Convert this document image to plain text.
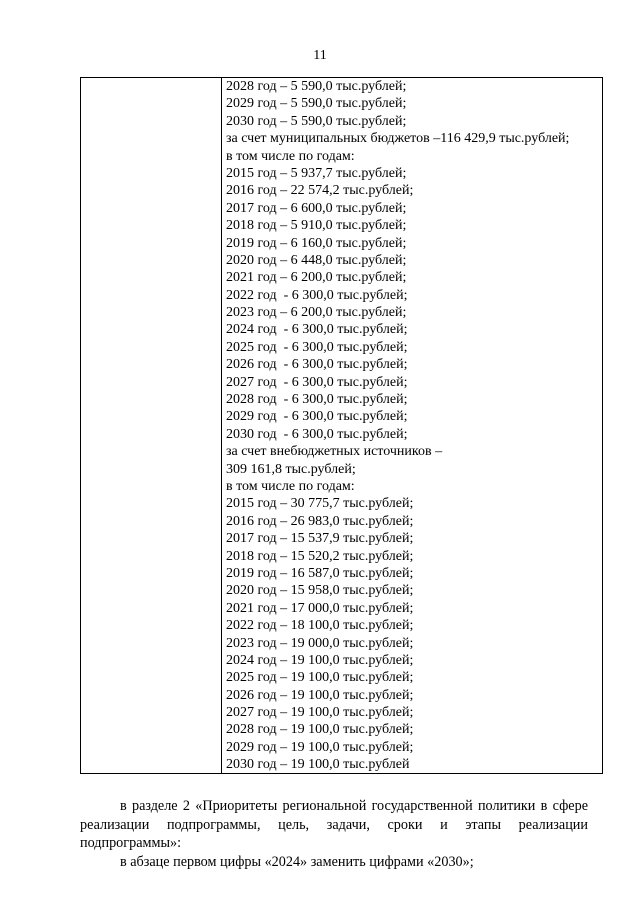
11
2028 год – 5 590,0 тыс.рублей;
2029 год – 5 590,0 тыс.рублей;
2030 год – 5 590,0 тыс.рублей;
за счет муниципальных бюджетов –116 429,9 тыс.рублей;
в том числе по годам:
2015 год – 5 937,7 тыс.рублей;
2016 год – 22 574,2 тыс.рублей;
2017 год – 6 600,0 тыс.рублей;
2018 год – 5 910,0 тыс.рублей;
2019 год – 6 160,0 тыс.рублей;
2020 год – 6 448,0 тыс.рублей;
2021 год – 6 200,0 тыс.рублей;
2022 год  - 6 300,0 тыс.рублей;
2023 год – 6 200,0 тыс.рублей;
2024 год  - 6 300,0 тыс.рублей;
2025 год  - 6 300,0 тыс.рублей;
2026 год  - 6 300,0 тыс.рублей;
2027 год  - 6 300,0 тыс.рублей;
2028 год  - 6 300,0 тыс.рублей;
2029 год  - 6 300,0 тыс.рублей;
2030 год  - 6 300,0 тыс.рублей;
за счет внебюджетных источников –
309 161,8 тыс.рублей;
в том числе по годам:
2015 год – 30 775,7 тыс.рублей;
2016 год – 26 983,0 тыс.рублей;
2017 год – 15 537,9 тыс.рублей;
2018 год – 15 520,2 тыс.рублей;
2019 год – 16 587,0 тыс.рублей;
2020 год – 15 958,0 тыс.рублей;
2021 год – 17 000,0 тыс.рублей;
2022 год – 18 100,0 тыс.рублей;
2023 год – 19 000,0 тыс.рублей;
2024 год – 19 100,0 тыс.рублей;
2025 год – 19 100,0 тыс.рублей;
2026 год – 19 100,0 тыс.рублей;
2027 год – 19 100,0 тыс.рублей;
2028 год – 19 100,0 тыс.рублей;
2029 год – 19 100,0 тыс.рублей;
2030 год – 19 100,0 тыс.рублей
в разделе 2 «Приоритеты региональной государственной политики в сфере реализации подпрограммы, цель, задачи, сроки и этапы реализации подпрограммы»:
в абзаце первом цифры «2024» заменить цифрами «2030»;
